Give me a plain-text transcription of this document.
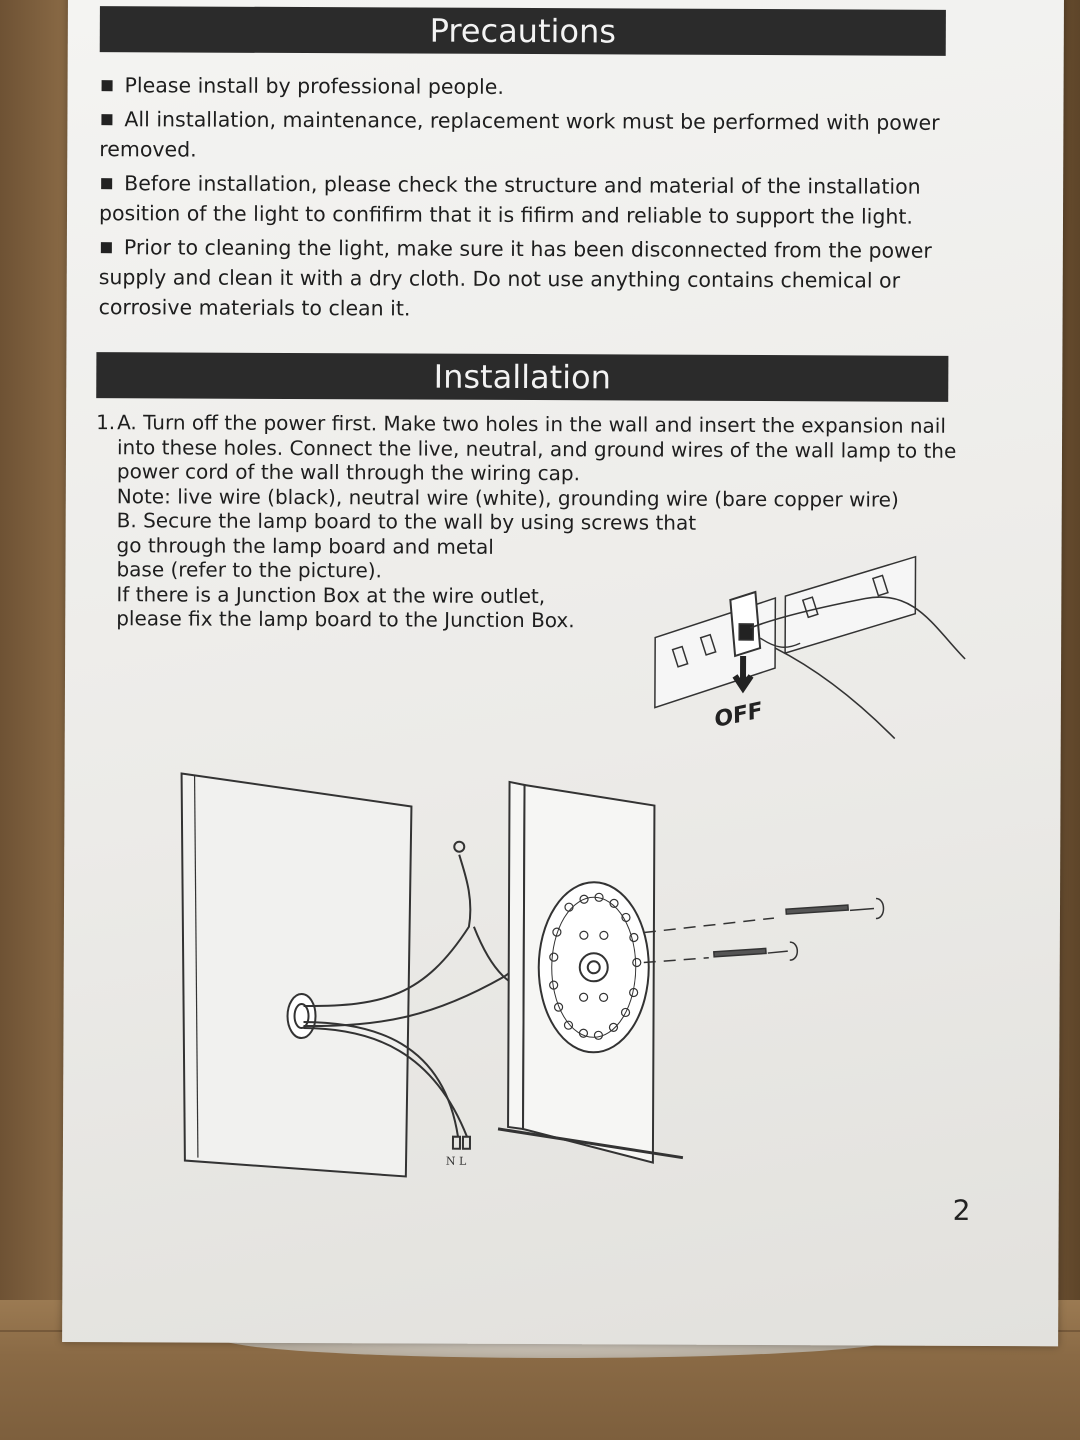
Precautions
Please install by professional people.
All installation, maintenance, replacement work must be performed with power removed.
Before installation, please check the structure and material of the installation position of the light to confifirm that it is fifirm and reliable to support the light.
Prior to cleaning the light, make sure it has been disconnected from the power supply and clean it with a dry cloth. Do not use anything contains chemical or corrosive materials to clean it.
Installation
1. A. Turn off the power first. Make two holes in the wall and insert the expansion nail
into these holes. Connect the live, neutral, and ground wires of the wall lamp to the
power cord of the wall through the wiring cap.
Note: live wire (black), neutral wire (white), grounding wire (bare copper wire)
B. Secure the lamp board to the wall by using screws that
go through the lamp board and metal
base (refer to the picture).
If there is a Junction Box at the wire outlet,
please fix the lamp board to the Junction Box.
OFF
N L
2
